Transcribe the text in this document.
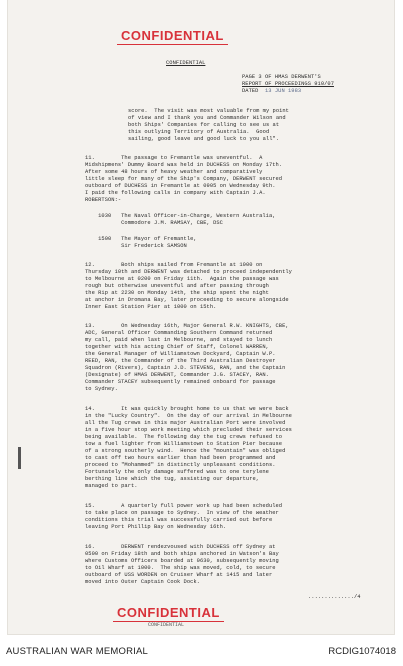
CONFIDENTIAL
CONFIDENTIAL
PAGE 3 OF HMAS DERWENT'S
REPORT OF PROCEEDINGS 910/07
DATED 13 JUN 1983
score.  The visit was most valuable from my point
of view and I thank you and Commander Wilson and
both Ships' Companies for calling to see us at
this outlying Territory of Australia.  Good
sailing, good leave and good luck to you all".
11.        The passage to Fremantle was uneventful.  A
Midshipmens' Dummy Board was held in DUCHESS on Monday 17th.
After some 48 hours of heavy weather and comparatively
little sleep for many of the Ship's Company, DERWENT secured
outboard of DUCHESS in Fremantle at 0905 on Wednesday 9th.
I paid the following calls in company with Captain J.A.
ROBERTSON:-
1030   The Naval Officer-in-Charge, Western Australia,
Commodore J.M. RAMSAY, CBE, DSC
1500   The Mayor of Fremantle,
Sir Frederick SAMSON
12.        Both ships sailed from Fremantle at 1000 on
Thursday 10th and DERWENT was detached to proceed independently
to Melbourne at 0200 on Friday 11th.  Again the passage was
rough but otherwise uneventful and after passing through
the Rip at 2230 on Monday 14th, the ship spent the night
at anchor in Dromana Bay, later proceeding to secure alongside
Inner East Station Pier at 1000 on 15th.
13.        On Wednesday 16th, Major General R.W. KNIGHTS, CBE,
ADC, General Officer Commanding Southern Command returned
my call, paid when last in Melbourne, and stayed to lunch
together with his acting Chief of Staff, Colonel WARREN,
the General Manager of Williamstown Dockyard, Captain W.P.
REED, RAN, the Commander of the Third Australian Destroyer
Squadron (Rivers), Captain J.D. STEVENS, RAN, and the Captain
(Designate) of HMAS DERWENT, Commander J.G. STACEY, RAN.
Commander STACEY subsequently remained onboard for passage
to Sydney.
14.        It was quickly brought home to us that we were back
in the "Lucky Country".  On the day of our arrival in Melbourne
all the Tug crews in this major Australian Port were involved
in a five hour stop work meeting which precluded their services
being available.  The following day the tug crews refused to
tow a fuel lighter from Williamstown to Station Pier because
of a strong southerly wind.  Hence the "mountain" was obliged
to cast off two hours earlier than had been programmed and
proceed to "Mohammed" in distinctly unpleasant conditions.
Fortunately the only damage suffered was to one terylene
berthing line which the tug, assisting our departure,
managed to part.
15.        A quarterly full power work up had been scheduled
to take place on passage to Sydney.  In view of the weather
conditions this trial was successfully carried out before
leaving Port Phillip Bay on Wednesday 16th.
16.        DERWENT rendezvoused with DUCHESS off Sydney at
0500 on Friday 18th and both ships anchored in Watson's Bay
where Customs Officers boarded at 0630, subsequently moving
to Oil Wharf at 1000.  The ship was moved, cold, to secure
outboard of USS WORDEN on Cruiser Wharf at 1415 and later
moved into Outer Captain Cook Dock.
............../4
CONFIDENTIAL
CONFIDENTIAL
AUSTRALIAN WAR MEMORIAL	RCDIG1074018
